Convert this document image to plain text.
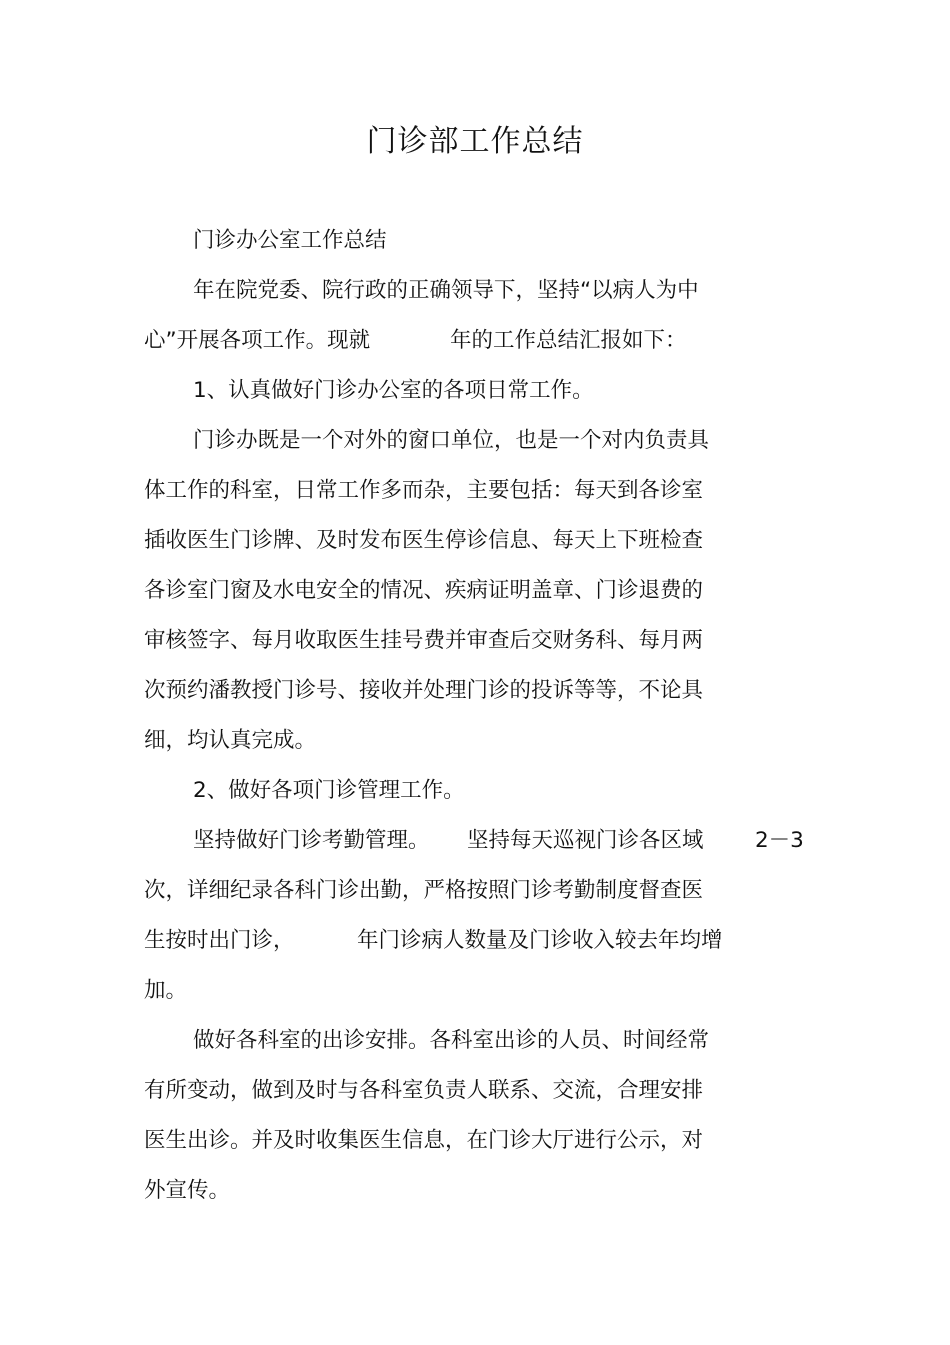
门诊部工作总结
门诊办公室工作总结
年在院党委、院行政的正确领导下，坚持“以病人为中
心”开展各项工作。现就	年的工作总结汇报如下：
1、认真做好门诊办公室的各项日常工作。
门诊办既是一个对外的窗口单位，也是一个对内负责具
体工作的科室，日常工作多而杂，主要包括：每天到各诊室
插收医生门诊牌、及时发布医生停诊信息、每天上下班检查
各诊室门窗及水电安全的情况、疾病证明盖章、门诊退费的
审核签字、每月收取医生挂号费并审查后交财务科、每月两
次预约潘教授门诊号、接收并处理门诊的投诉等等，不论具
细，均认真完成。
2、做好各项门诊管理工作。
坚持做好门诊考勤管理。 坚持每天巡视门诊各区域 2－3
次，详细纪录各科门诊出勤，严格按照门诊考勤制度督查医
生按时出门诊，	年门诊病人数量及门诊收入较去年均增
加。
做好各科室的出诊安排。各科室出诊的人员、时间经常
有所变动，做到及时与各科室负责人联系、交流，合理安排
医生出诊。并及时收集医生信息，在门诊大厅进行公示，对
外宣传。
